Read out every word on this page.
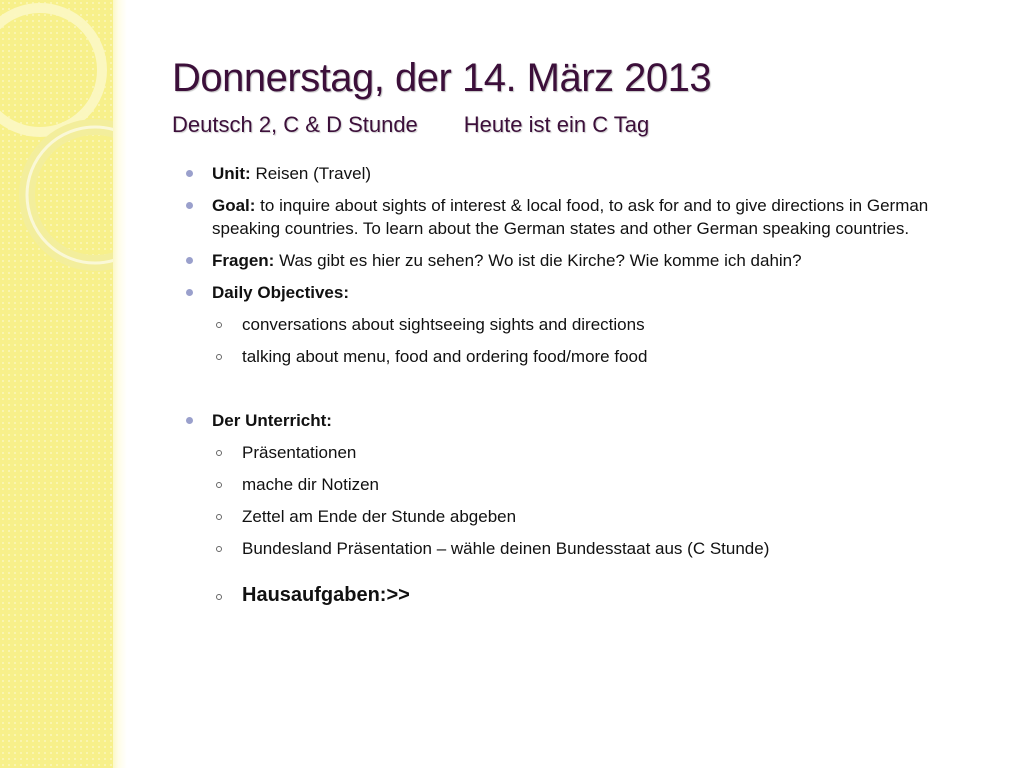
Donnerstag, der 14. März 2013
Deutsch 2, C & D Stunde Heute ist ein C Tag
Unit: Reisen (Travel)
Goal: to inquire about sights of interest & local food, to ask for and to give directions in German speaking countries. To learn about the German states and other German speaking countries.
Fragen: Was gibt es hier zu sehen? Wo ist die Kirche? Wie komme ich dahin?
Daily Objectives:
conversations about sightseeing sights and directions
talking about menu, food and ordering food/more food
Der Unterricht:
Präsentationen
mache dir Notizen
Zettel am Ende der Stunde abgeben
Bundesland Präsentation – wähle deinen Bundesstaat aus (C Stunde)
Hausaufgaben:>>
